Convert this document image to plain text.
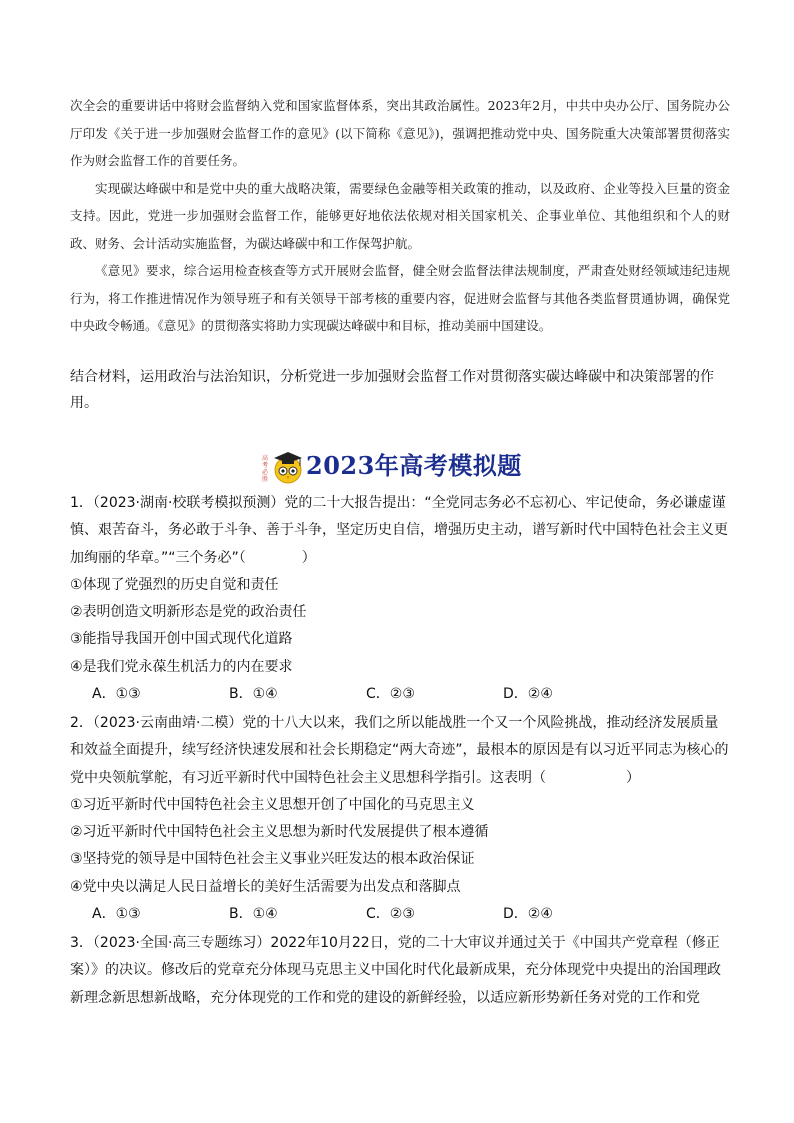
次全会的重要讲话中将财会监督纳入党和国家监督体系，突出其政治属性。2023年2月，中共中央办公厅、国务院办公厅印发《关于进一步加强财会监督工作的意见》(以下简称《意见》)，强调把推动党中央、国务院重大决策部署贯彻落实作为财会监督工作的首要任务。

实现碳达峰碳中和是党中央的重大战略决策，需要绿色金融等相关政策的推动，以及政府、企业等投入巨量的资金支持。因此，党进一步加强财会监督工作，能够更好地依法依规对相关国家机关、企事业单位、其他组织和个人的财政、财务、会计活动实施监督，为碳达峰碳中和工作保驾护航。

《意见》要求，综合运用检查核查等方式开展财会监督，健全财会监督法律法规制度，严肃查处财经领域违纪违规行为，将工作推进情况作为领导班子和有关领导干部考核的重要内容，促进财会监督与其他各类监督贯通协调，确保党中央政令畅通。《意见》的贯彻落实将助力实现碳达峰碳中和目标，推动美丽中国建设。

结合材料，运用政治与法治知识，分析党进一步加强财会监督工作对贯彻落实碳达峰碳中和决策部署的作用。
高
考
必
胜 2023年高考模拟题

1．（2023·湖南·校联考模拟预测）党的二十大报告提出：“全党同志务必不忘初心、牢记使命，务必谦虚谨慎、艰苦奋斗，务必敢于斗争、善于斗争，坚定历史自信，增强历史主动，谱写新时代中国特色社会主义更加绚丽的华章。”“三个务必”（	）

①体现了党强烈的历史自觉和责任

②表明创造文明新形态是党的政治责任

③能指导我国开创中国式现代化道路

④是我们党永葆生机活力的内在要求

A．①③	B．①④	C．②③	D．②④

2．（2023·云南曲靖·二模）党的十八大以来，我们之所以能战胜一个又一个风险挑战，推动经济发展质量和效益全面提升，续写经济快速发展和社会长期稳定“两大奇迹”，最根本的原因是有以习近平同志为核心的党中央领航掌舵，有习近平新时代中国特色社会主义思想科学指引。这表明（	）

①习近平新时代中国特色社会主义思想开创了中国化的马克思主义

②习近平新时代中国特色社会主义思想为新时代发展提供了根本遵循

③坚持党的领导是中国特色社会主义事业兴旺发达的根本政治保证

④党中央以满足人民日益增长的美好生活需要为出发点和落脚点

A．①③	B．①④	C．②③	D．②④

3．（2023·全国·高三专题练习）2022年10月22日，党的二十大审议并通过关于《中国共产党章程（修正案）》的决议。修改后的党章充分体现马克思主义中国化时代化最新成果，充分体现党中央提出的治国理政新理念新思想新战略，充分体现党的工作和党的建设的新鲜经验，以适应新形势新任务对党的工作和党
